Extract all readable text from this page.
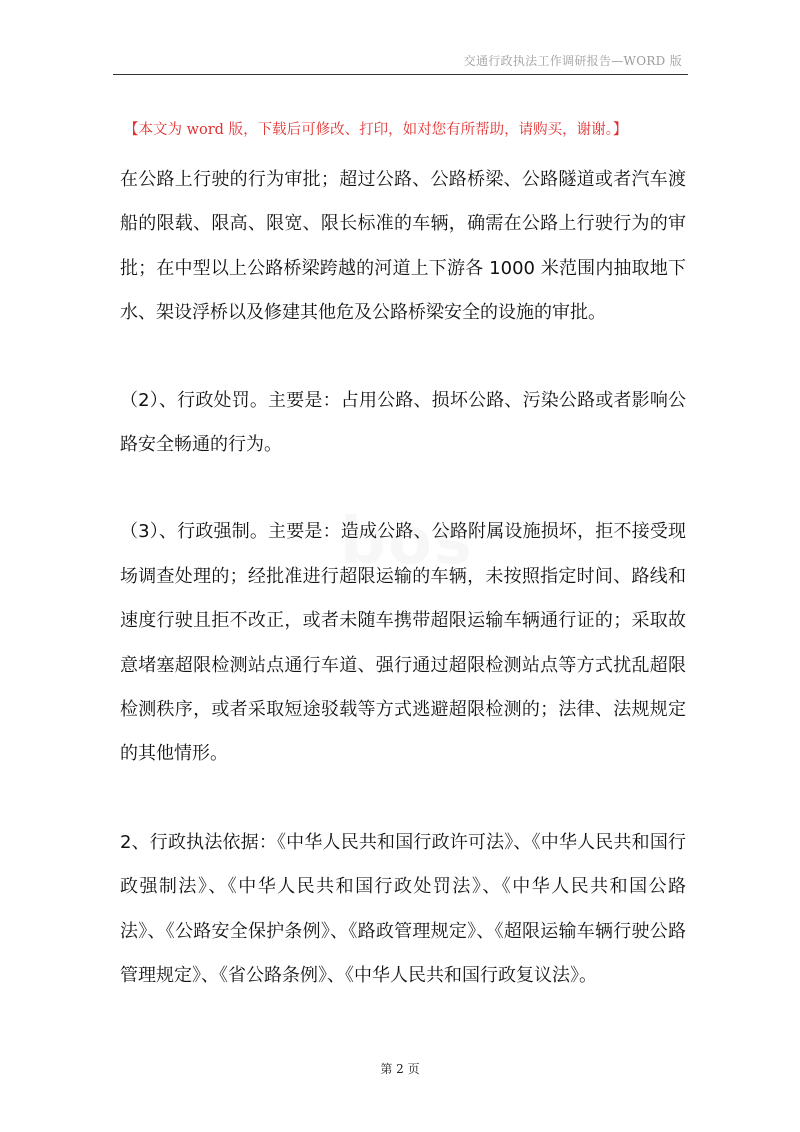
交通行政执法工作调研报告—WORD 版
【本文为 word 版，下载后可修改、打印，如对您有所帮助，请购买，谢谢。】
bos

在公路上行驶的行为审批；超过公路、公路桥梁、公路隧道或者汽车渡船的限载、限高、限宽、限长标准的车辆，确需在公路上行驶行为的审批；在中型以上公路桥梁跨越的河道上下游各 1000 米范围内抽取地下水、架设浮桥以及修建其他危及公路桥梁安全的设施的审批。

（2）、行政处罚。主要是：占用公路、损坏公路、污染公路或者影响公路安全畅通的行为。

（3）、行政强制。主要是：造成公路、公路附属设施损坏，拒不接受现场调查处理的；经批准进行超限运输的车辆，未按照指定时间、路线和速度行驶且拒不改正，或者未随车携带超限运输车辆通行证的；采取故意堵塞超限检测站点通行车道、强行通过超限检测站点等方式扰乱超限检测秩序，或者采取短途驳载等方式逃避超限检测的；法律、法规规定的其他情形。

2、行政执法依据：《中华人民共和国行政许可法》、《中华人民共和国行政强制法》、《中华人民共和国行政处罚法》、《中华人民共和国公路法》、《公路安全保护条例》、《路政管理规定》、《超限运输车辆行驶公路管理规定》、《省公路条例》、《中华人民共和国行政复议法》。

第 2 页
